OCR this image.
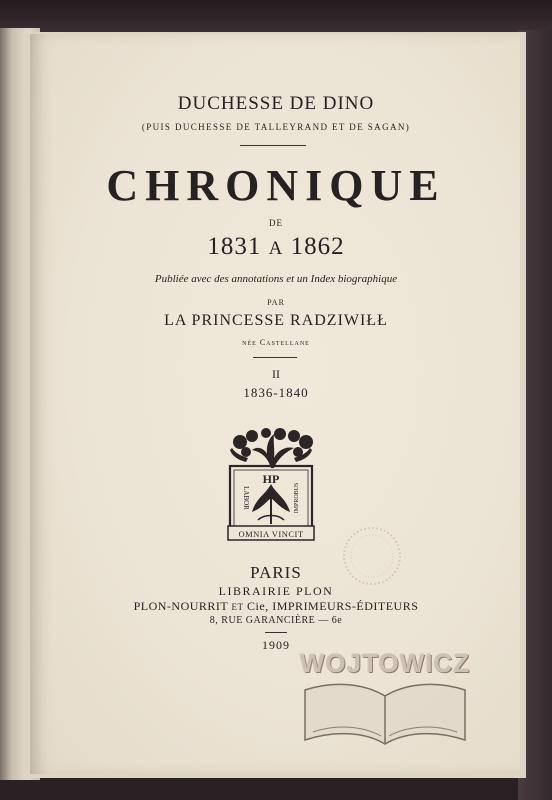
DUCHESSE DE DINO
(PUIS DUCHESSE DE TALLEYRAND ET DE SAGAN)
CHRONIQUE
DE
1831 A 1862
Publiée avec des annotations et un Index biographique
PAR
LA PRINCESSE RADZIWIŁŁ
née Castellane
II
1836-1840
HP
LABOR	IMPROBUS
OMNIA VINCIT
PARIS
LIBRAIRIE PLON
PLON-NOURRIT ET Cie, IMPRIMEURS-ÉDITEURS
8, RUE GARANCIÈRE — 6e
1909
WOJTOWICZ
